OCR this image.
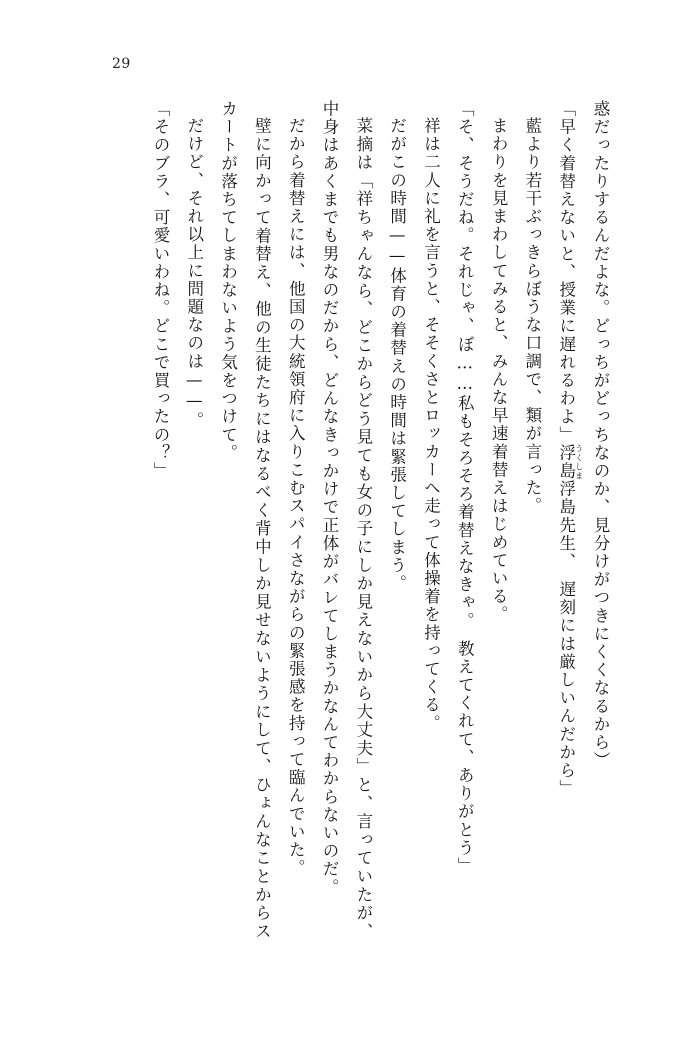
29

惑だったりするんだよな。どっちがどっちなのか、見分けがつきにくくなるから）

「早く着替えないと、授業に遅れるわよ」浮島 うくしま浮島先生、　遅刻には厳しいんだから」

藍より若干ぶっきらぼうな口調で、類が言った。

まわりを見まわしてみると、みんな早速着替えはじめている。

「そ、そうだね。それじゃ、ぼ……私もそろそろ着替えなきゃ。　教えてくれて、ありがとう」

祥は二人に礼を言うと、そそくさとロッカーへ走って体操着を持ってくる。

だがこの時間——体育の着替えの時間は緊張してしまう。

菜摘は「祥ちゃんなら、どこからどう見ても女の子にしか見えないから大丈夫」と、言っていたが、中身はあくまでも男なのだから、どんなきっかけで正体がバレてしまうかなんてわからないのだ。

だから着替えには、他国の大統領府に入りこむスパイさながらの緊張感を持って臨んでいた。

壁に向かって着替え、他の生徒たちにはなるべく背中しか見せないようにして、ひょんなことからスカートが落ちてしまわないよう気をつけて。

だけど、それ以上に問題なのは——。

「そのブラ、可愛いわね。どこで買ったの？」
